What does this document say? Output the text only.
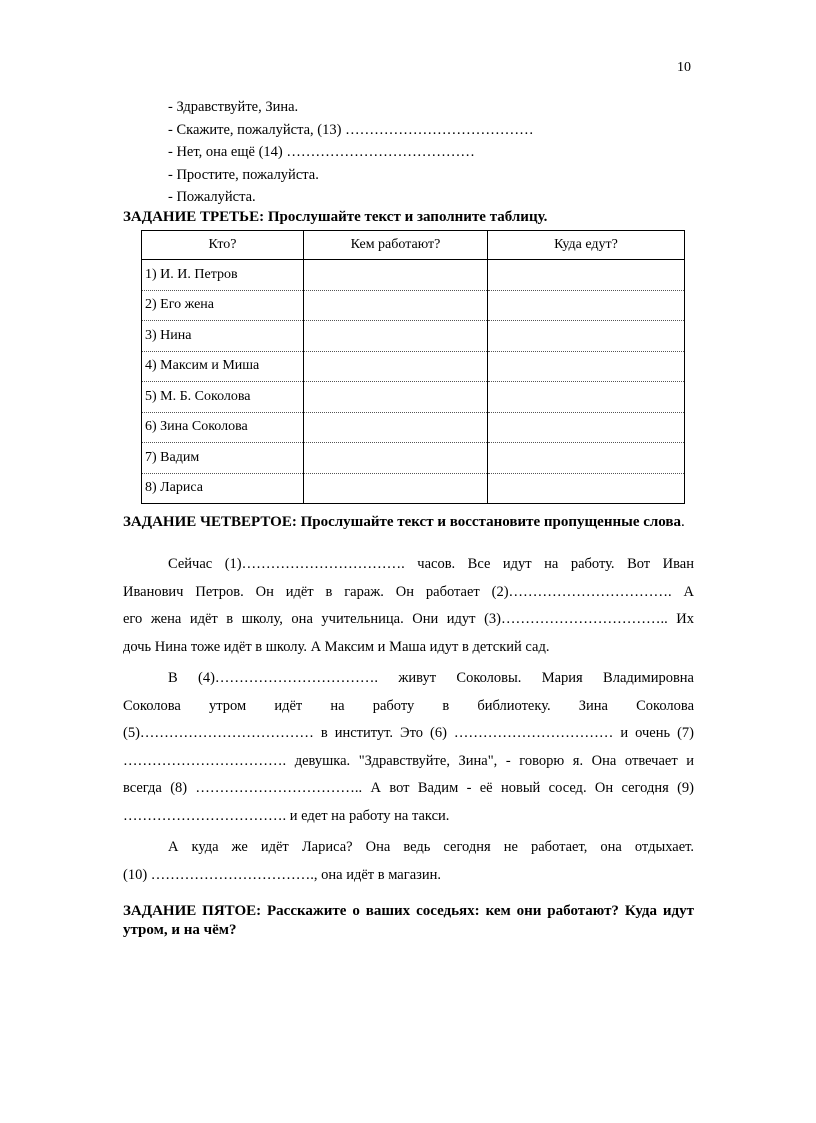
10
- Здравствуйте, Зина.
- Скажите, пожалуйста, (13) …………………………………
- Нет, она ещё (14) …………………………………
- Простите, пожалуйста.
- Пожалуйста.
ЗАДАНИЕ ТРЕТЬЕ: Прослушайте текст и заполните таблицу.
Кто?	Кем работают?	Куда едут?
1) И. И. Петров		
2) Его жена		
3) Нина		
4) Максим и Миша		
5) М. Б. Соколова		
6) Зина Соколова		
7) Вадим		
8) Лариса		
ЗАДАНИЕ ЧЕТВЕРТОЕ: Прослушайте текст и восстановите пропущенные слова.
Сейчас (1)……………………………. часов. Все идут на работу. Вот Иван
Иванович Петров. Он идёт в гараж. Он работает (2)……………………………. А
его жена идёт в школу, она учительница. Они идут (3)…………………………….. Их
дочь Нина тоже идёт в школу. А Максим и Маша идут в детский сад.
В (4)……………………………. живут Соколовы. Мария Владимировна
Соколова утром идёт на работу в библиотеку. Зина Соколова
(5)……………………………… в институт. Это (6) …………………………… и очень (7)
……………………………. девушка. "Здравствуйте, Зина", - говорю я. Она отвечает и
всегда (8) …………………………….. А вот Вадим - её новый сосед. Он сегодня (9)
……………………………. и едет на работу на такси.
А куда же идёт Лариса? Она ведь сегодня не работает, она отдыхает.
(10) ……………………………., она идёт в магазин.
ЗАДАНИЕ ПЯТОЕ: Расскажите о ваших соседьях: кем они работают? Куда идут утром, и на чём?
